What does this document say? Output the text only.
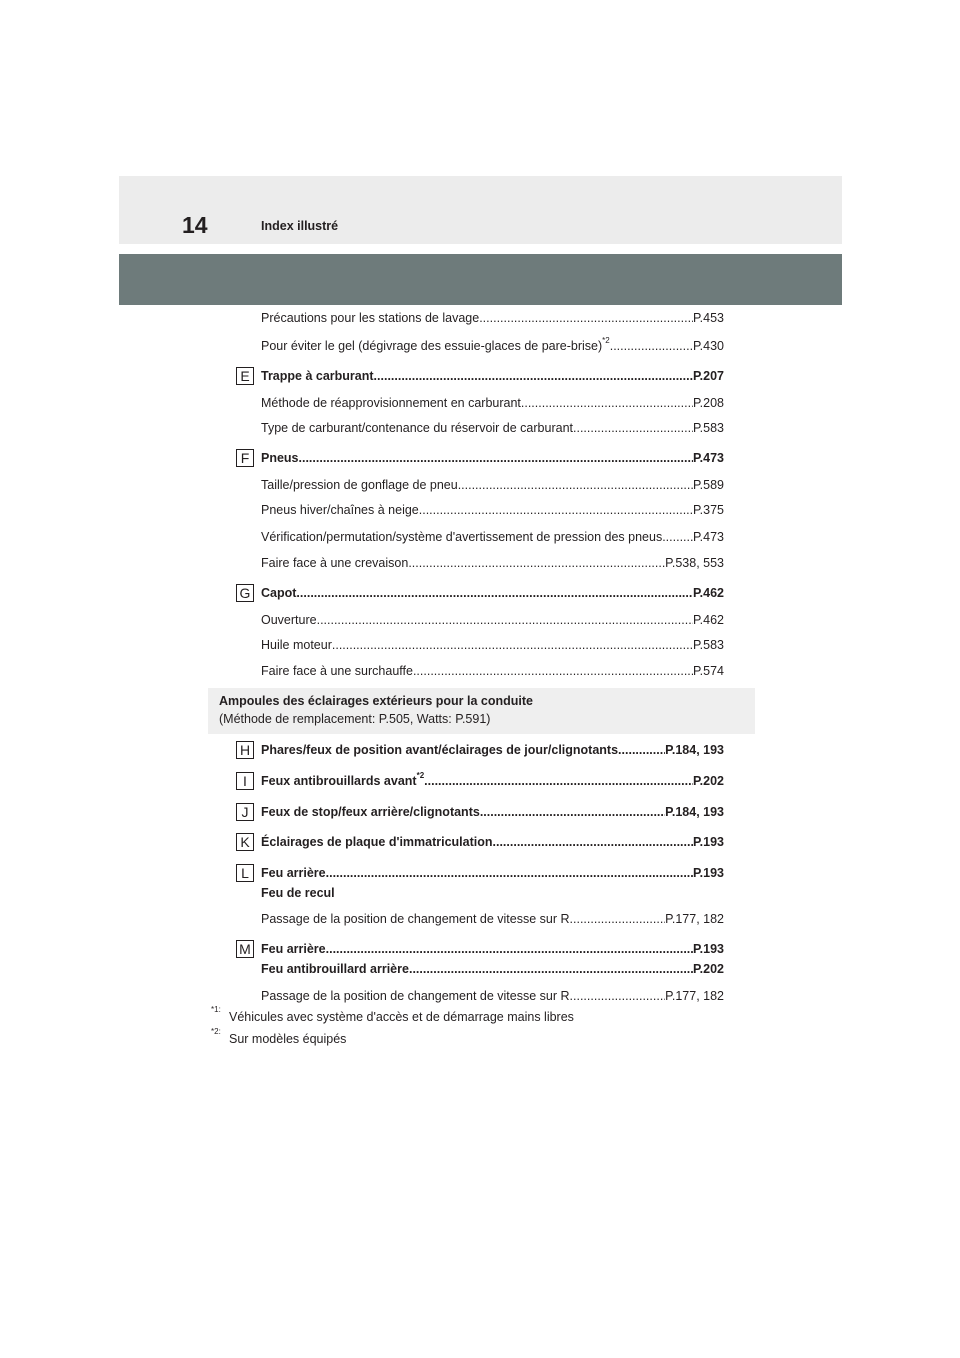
14	Index illustré
Précautions pour les stations de lavage .....	P.453
Pour éviter le gel (dégivrage des essuie-glaces de pare-brise)$^{*2}$ .....	P.430
E Trappe à carburant .....	P.207
Méthode de réapprovisionnement en carburant .....	P.208
Type de carburant/contenance du réservoir de carburant .....	P.583
F Pneus .....	P.473
Taille/pression de gonflage de pneu .....	P.589
Pneus hiver/chaînes à neige .....	P.375
Vérification/permutation/système d'avertissement de pression des pneus ..... P.473
Faire face à une crevaison .....	P.538, 553
G Capot .....	P.462
Ouverture .....	P.462
Huile moteur .....	P.583
Faire face à une surchauffe .....	P.574
H Phares/feux de position avant/éclairages de jour/clignotants .....	P.184, 193
I	Feux antibrouillards avant$^{*2}$ .....	P.202
J	Feux de stop/feux arrière/clignotants .....	P.184, 193
K Éclairages de plaque d'immatriculation .....	P.193
L Feu arrière .....	P.193
Feu de recul
Passage de la position de changement de vitesse sur R .....	P.177, 182
M Feu arrière .....	P.193
Feu antibrouillard arrière .....	P.202
Passage de la position de changement de vitesse sur R .....	P.177, 182
Ampoules des éclairages extérieurs pour la conduite
(Méthode de remplacement: P.505, Watts: P.591)
$^{*1:}$
Véhicules avec système d'accès et de démarrage mains libres
$^{*2:}$
Sur modèles équipés
